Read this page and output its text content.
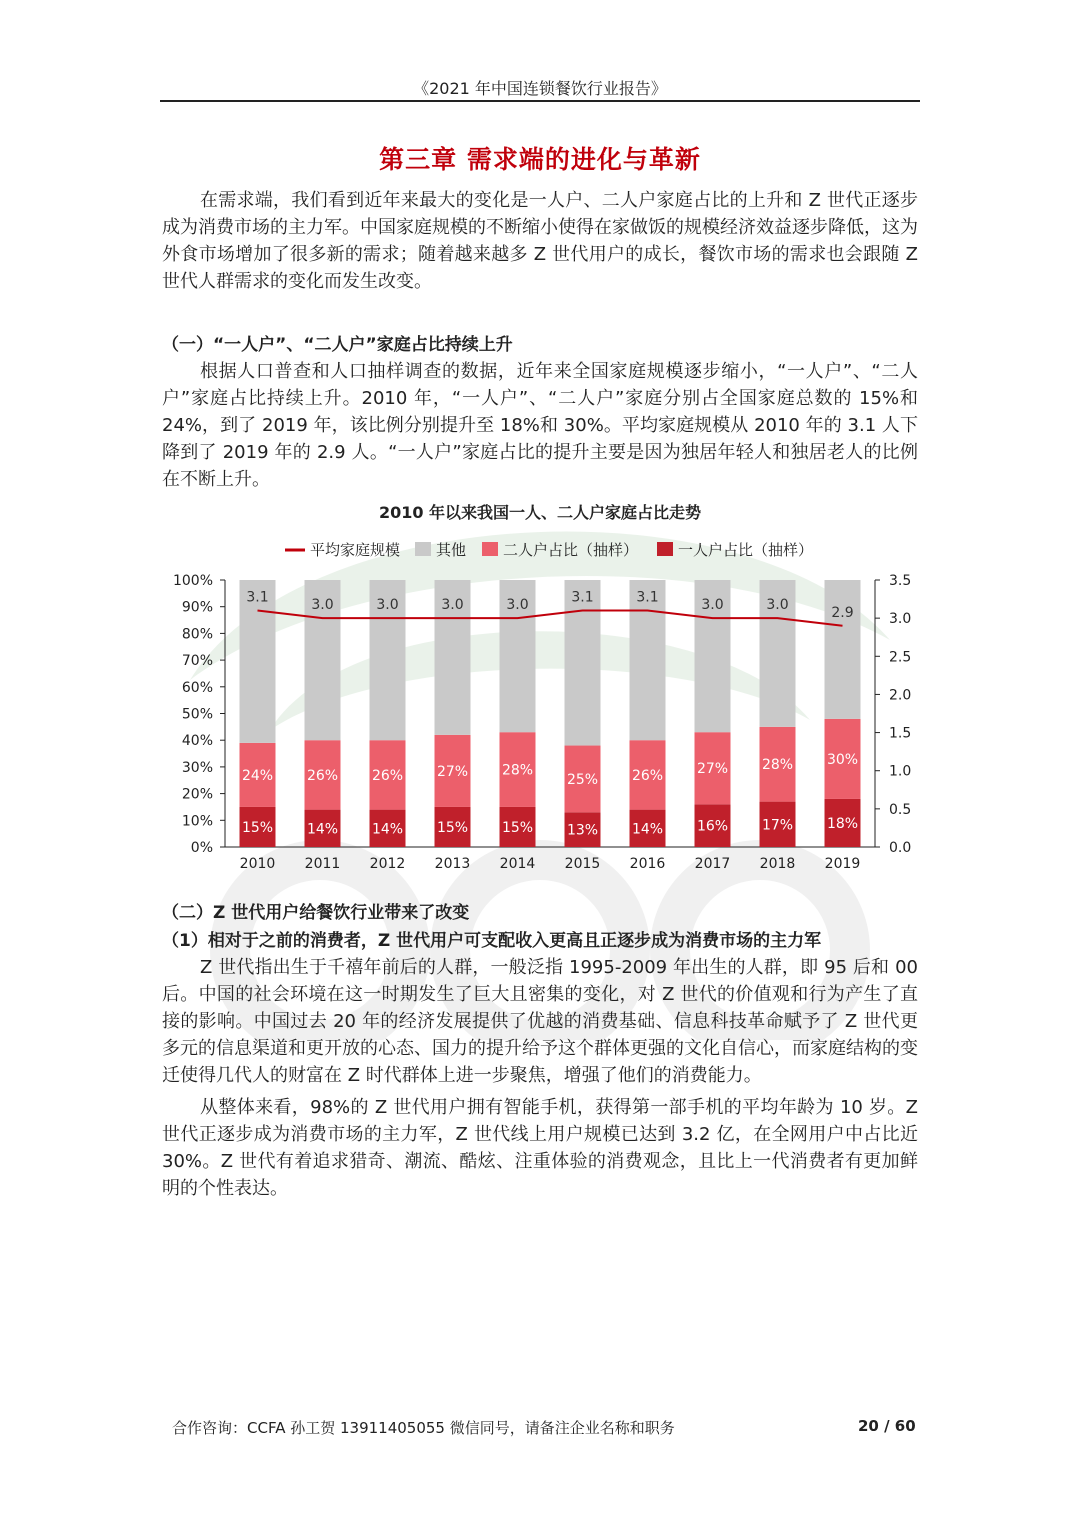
《2021 年中国连锁餐饮行业报告》
第三章 需求端的进化与革新
在需求端，我们看到近年来最大的变化是一人户、二人户家庭占比的上升和 Z 世代正逐步成为消费市场的主力军。中国家庭规模的不断缩小使得在家做饭的规模经济效益逐步降低，这为外食市场增加了很多新的需求；随着越来越多 Z 世代用户的成长，餐饮市场的需求也会跟随 Z 世代人群需求的变化而发生改变。
（一）“一人户”、“二人户”家庭占比持续上升
根据人口普查和人口抽样调查的数据，近年来全国家庭规模逐步缩小，“一人户”、“二人户”家庭占比持续上升。2010 年，“一人户”、“二人户”家庭分别占全国家庭总数的 15%和 24%，到了 2019 年，该比例分别提升至 18%和 30%。平均家庭规模从 2010 年的 3.1 人下降到了 2019 年的 2.9 人。“一人户”家庭占比的提升主要是因为独居年轻人和独居老人的比例在不断上升。
2010 年以来我国一人、二人户家庭占比走势
0%
10%
20%
30%
40%
50%
60%
70%
80%
90%
100%
0.0
0.5
1.0
1.5
2.0
2.5
3.0
3.5
15%
24%
2010
14%
26%
2011
14%
26%
2012
15%
27%
2013
15%
28%
2014
13%
25%
2015
14%
26%
2016
16%
27%
2017
17%
28%
2018
18%
30%
2019
3.1	3.0	3.0	3.0	3.0	3.1	3.1	3.0	3.0	2.9
平均家庭规模 其他 二人户占比（抽样）	一人户占比（抽样）
（二）Z 世代用户给餐饮行业带来了改变
（1）相对于之前的消费者，Z 世代用户可支配收入更高且正逐步成为消费市场的主力军
Z 世代指出生于千禧年前后的人群，一般泛指 1995-2009 年出生的人群，即 95 后和 00 后。中国的社会环境在这一时期发生了巨大且密集的变化，对 Z 世代的价值观和行为产生了直接的影响。中国过去 20 年的经济发展提供了优越的消费基础、信息科技革命赋予了 Z 世代更多元的信息渠道和更开放的心态、国力的提升给予这个群体更强的文化自信心，而家庭结构的变迁使得几代人的财富在 Z 时代群体上进一步聚焦，增强了他们的消费能力。
从整体来看，98%的 Z 世代用户拥有智能手机，获得第一部手机的平均年龄为 10 岁。Z 世代正逐步成为消费市场的主力军，Z 世代线上用户规模已达到 3.2 亿，在全网用户中占比近 30%。Z 世代有着追求猎奇、潮流、酷炫、注重体验的消费观念，且比上一代消费者有更加鲜明的个性表达。
合作咨询：CCFA 孙工贺 13911405055 微信同号，请备注企业名称和职务	20 / 60
